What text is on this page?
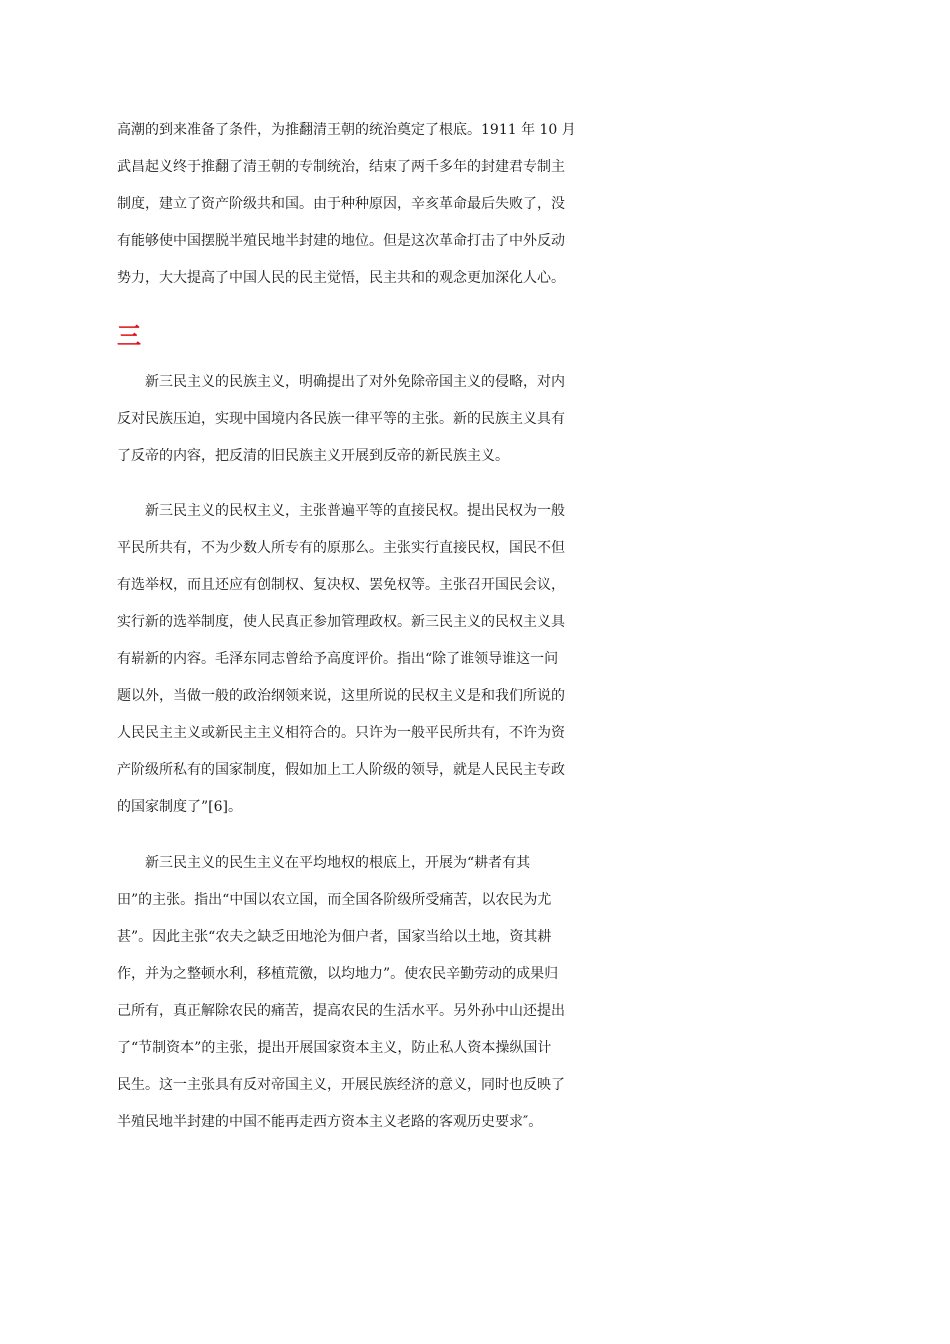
高潮的到来准备了条件，为推翻清王朝的统治奠定了根底。1911 年 10 月
武昌起义终于推翻了清王朝的专制统治，结束了两千多年的封建君专制主
制度，建立了资产阶级共和国。由于种种原因，辛亥革命最后失败了，没
有能够使中国摆脱半殖民地半封建的地位。但是这次革命打击了中外反动
势力，大大提高了中国人民的民主觉悟，民主共和的观念更加深化人心。
三
　　新三民主义的民族主义，明确提出了对外免除帝国主义的侵略，对内
反对民族压迫，实现中国境内各民族一律平等的主张。新的民族主义具有
了反帝的内容，把反清的旧民族主义开展到反帝的新民族主义。
　　新三民主义的民权主义，主张普遍平等的直接民权。提出民权为一般
平民所共有，不为少数人所专有的原那么。主张实行直接民权，国民不但
有选举权，而且还应有创制权、复决权、罢免权等。主张召开国民会议，
实行新的选举制度，使人民真正参加管理政权。新三民主义的民权主义具
有崭新的内容。毛泽东同志曾给予高度评价。指出“除了谁领导谁这一问
题以外，当做一般的政治纲领来说，这里所说的民权主义是和我们所说的
人民民主主义或新民主主义相符合的。只许为一般平民所共有，不许为资
产阶级所私有的国家制度，假如加上工人阶级的领导，就是人民民主专政
的国家制度了”[6]。
　　新三民主义的民生主义在平均地权的根底上，开展为“耕者有其
田”的主张。指出“中国以农立国，而全国各阶级所受痛苦，以农民为尤
甚”。因此主张“农夫之缺乏田地沦为佃户者，国家当给以土地，资其耕
作，并为之整顿水利，移植荒徼，以均地力”。使农民辛勤劳动的成果归
己所有，真正解除农民的痛苦，提高农民的生活水平。另外孙中山还提出
了“节制资本”的主张，提出开展国家资本主义，防止私人资本操纵国计
民生。这一主张具有反对帝国主义，开展民族经济的意义，同时也反映了
半殖民地半封建的中国不能再走西方资本主义老路的客观历史要求″。
